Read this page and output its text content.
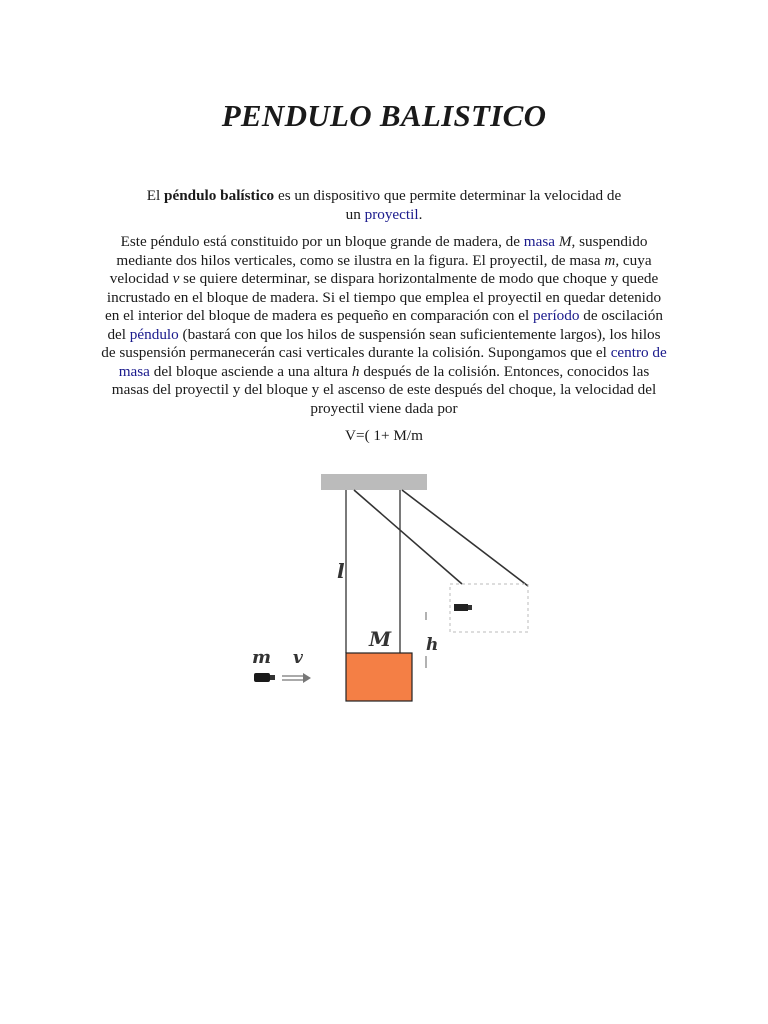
PENDULO BALISTICO
El péndulo balístico es un dispositivo que permite determinar la velocidad de
un proyectil.
Este péndulo está constituido por un bloque grande de madera, de masa M, suspendido mediante dos hilos verticales, como se ilustra en la figura. El proyectil, de masa m, cuya velocidad v se quiere determinar, se dispara horizontalmente de modo que choque y quede incrustado en el bloque de madera. Si el tiempo que emplea el proyectil en quedar detenido en el interior del bloque de madera es pequeño en comparación con el período de oscilación del péndulo (bastará con que los hilos de suspensión sean suficientemente largos), los hilos de suspensión permanecerán casi verticales durante la colisión. Supongamos que el centro de masa del bloque asciende a una altura h después de la colisión. Entonces, conocidos las masas del proyectil y del bloque y el ascenso de este después del choque, la velocidad del proyectil viene dada por
V=( 1+ M/m
l
M h
m v
